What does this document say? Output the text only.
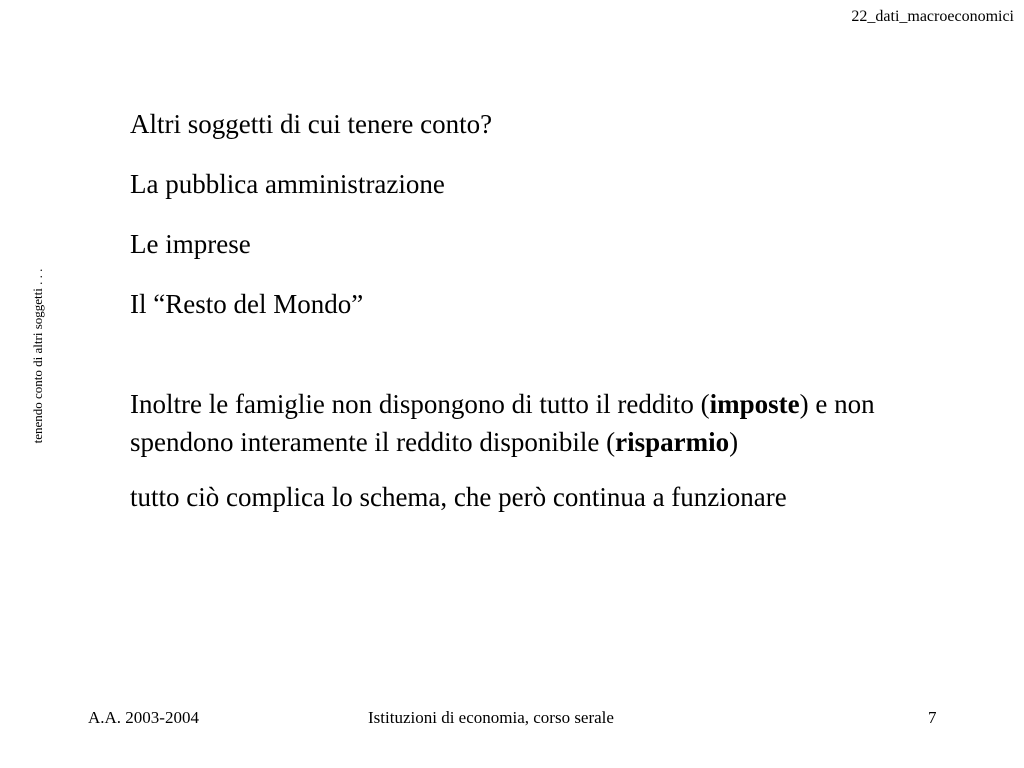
22_dati_macroeconomici
tenendo conto di altri soggetti . . .

Altri soggetti di cui tenere conto?

La pubblica amministrazione

Le imprese

Il “Resto del Mondo”

Inoltre le famiglie non dispongono di tutto il reddito (imposte) e non spendono interamente il reddito disponibile (risparmio)

tutto ciò complica lo schema, che però continua a funzionare

A.A. 2003-2004	Istituzioni di economia, corso serale	7
